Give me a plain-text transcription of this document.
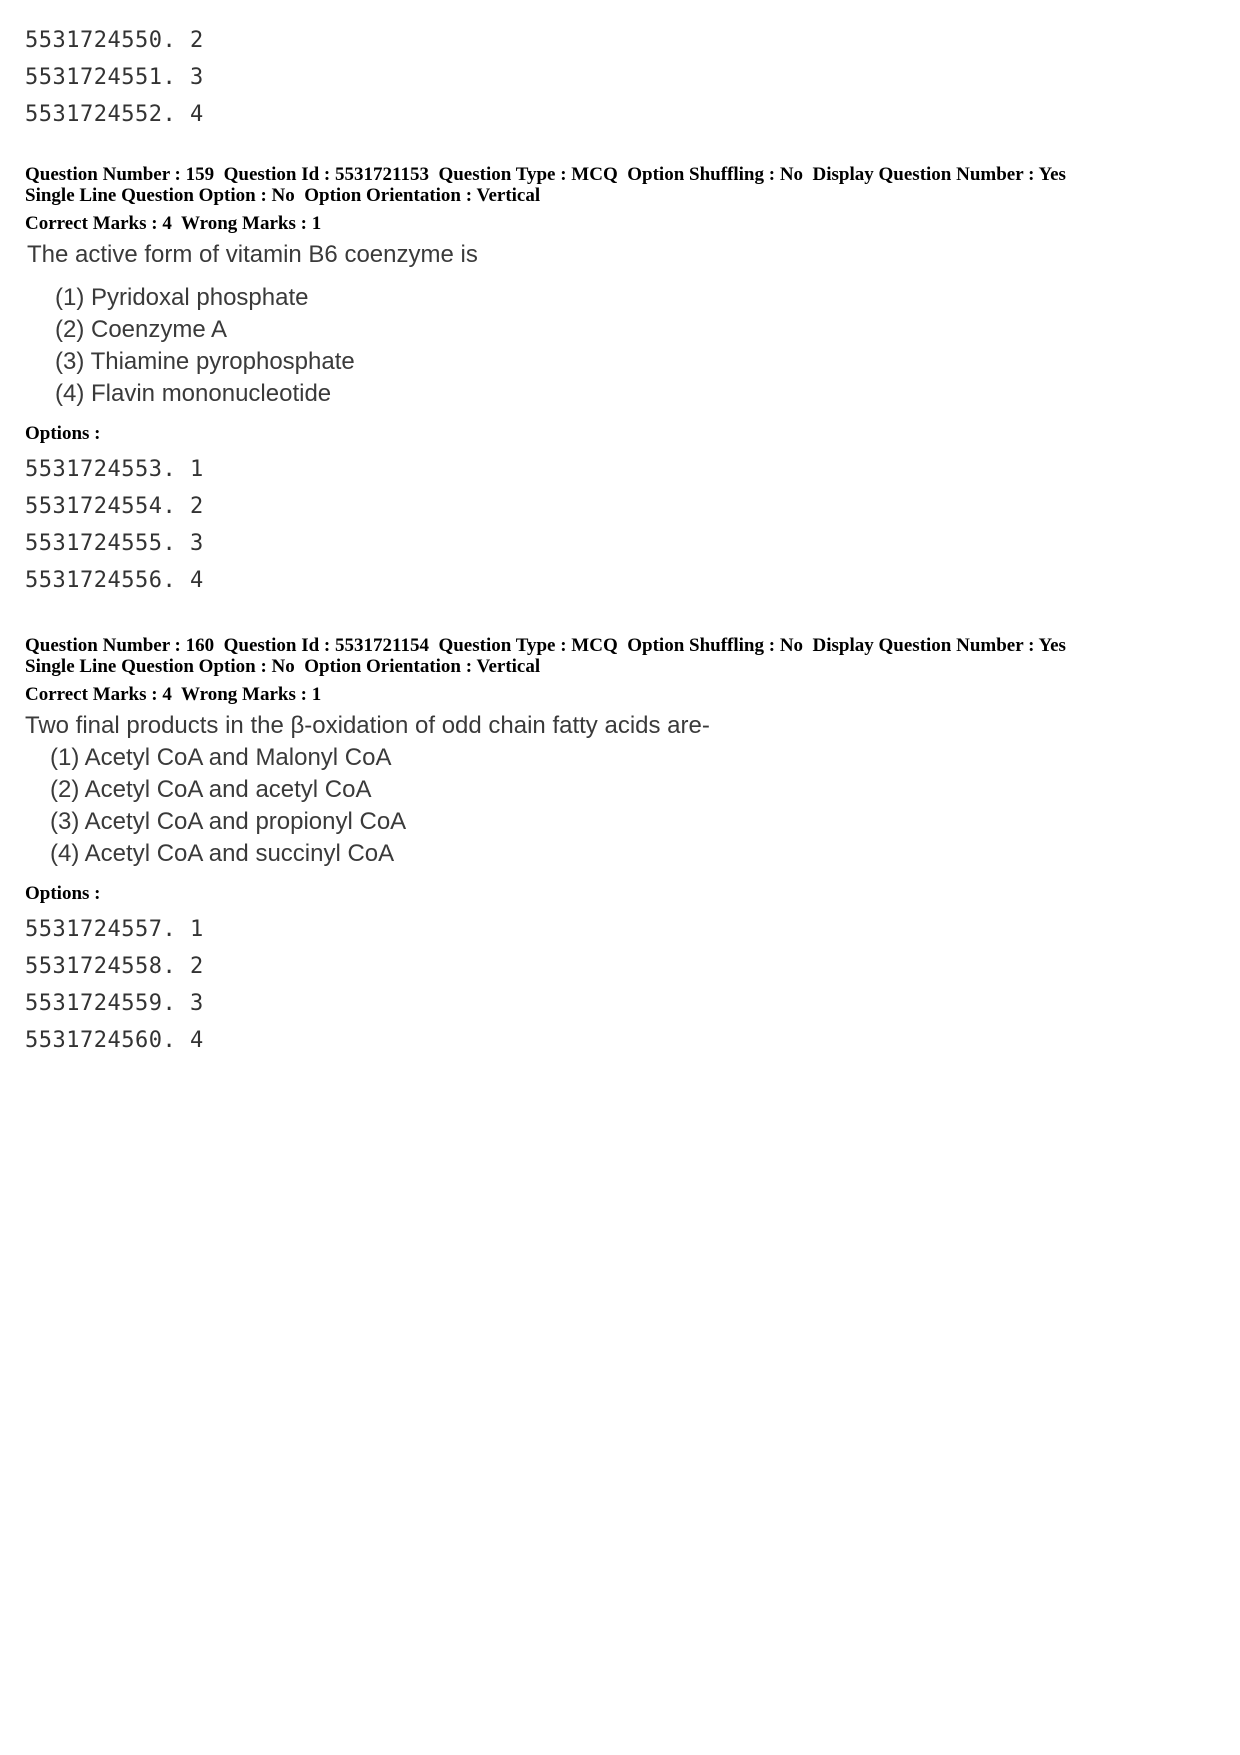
5531724550. 2
5531724551. 3
5531724552. 4
Question Number : 159  Question Id : 5531721153  Question Type : MCQ  Option Shuffling : No  Display Question Number : Yes
Single Line Question Option : No  Option Orientation : Vertical
Correct Marks : 4  Wrong Marks : 1
The active form of vitamin B6 coenzyme is
(1) Pyridoxal phosphate
(2) Coenzyme A
(3) Thiamine pyrophosphate
(4) Flavin mononucleotide
Options :
5531724553. 1
5531724554. 2
5531724555. 3
5531724556. 4
Question Number : 160  Question Id : 5531721154  Question Type : MCQ  Option Shuffling : No  Display Question Number : Yes
Single Line Question Option : No  Option Orientation : Vertical
Correct Marks : 4  Wrong Marks : 1
Two final products in the β-oxidation of odd chain fatty acids are-
(1) Acetyl CoA and Malonyl CoA
(2) Acetyl CoA and acetyl CoA
(3) Acetyl CoA and propionyl CoA
(4) Acetyl CoA and succinyl CoA
Options :
5531724557. 1
5531724558. 2
5531724559. 3
5531724560. 4
